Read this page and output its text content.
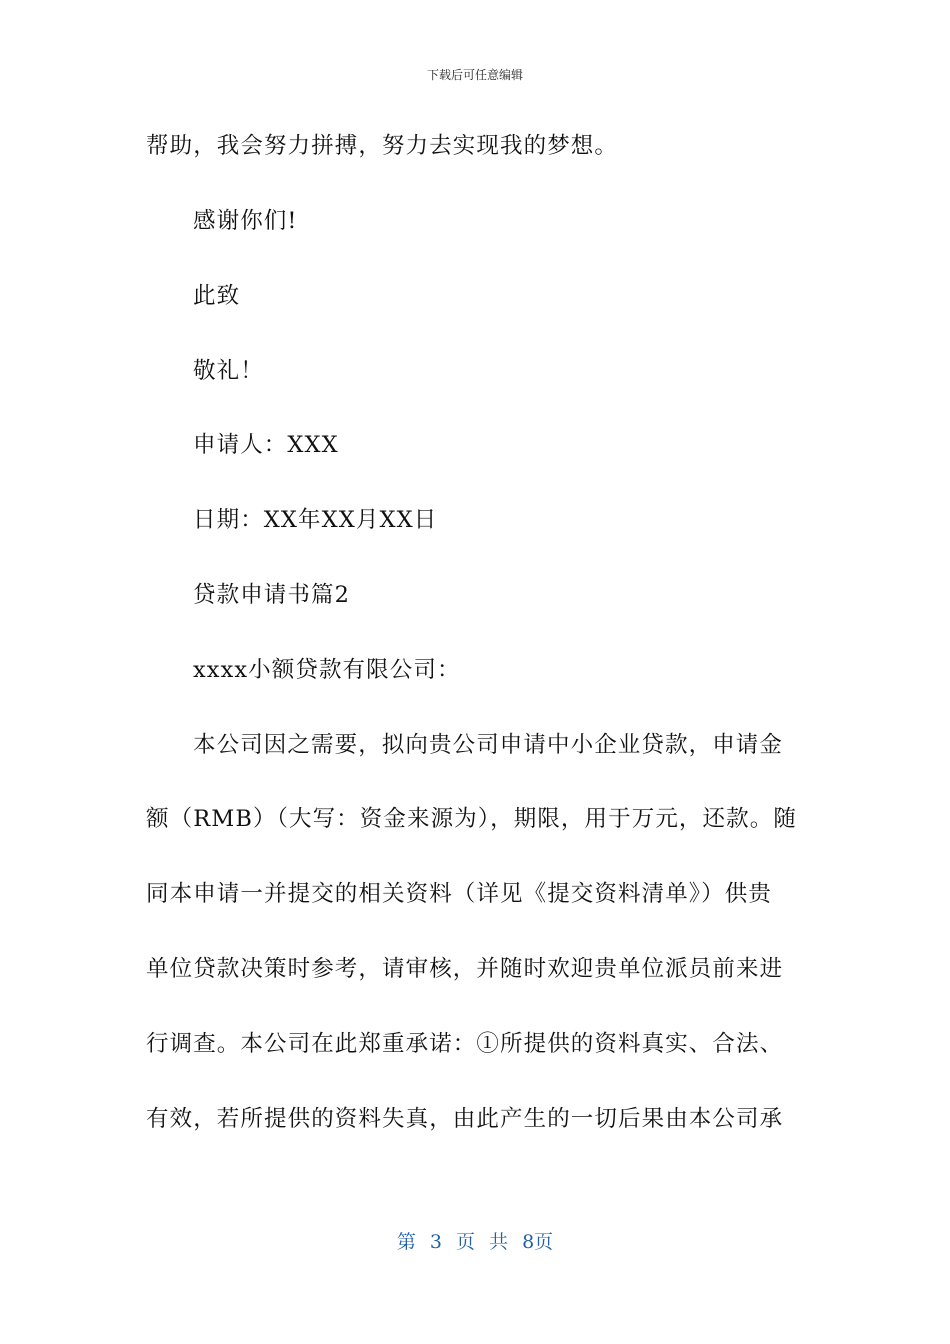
下载后可任意编辑
帮助，我会努力拼搏，努力去实现我的梦想。
感谢你们!
此致
敬礼！
申请人：XXX
日期：XX年XX月XX日
贷款申请书篇2
xxxx小额贷款有限公司：
本公司因之需要，拟向贵公司申请中小企业贷款，申请金
额（RMB）（大写：资金来源为），期限，用于万元，还款。随
同本申请一并提交的相关资料（详见《提交资料清单》）供贵
单位贷款决策时参考，请审核，并随时欢迎贵单位派员前来进
行调查。本公司在此郑重承诺：①所提供的资料真实、合法、
有效，若所提供的资料失真，由此产生的一切后果由本公司承
第 3 页 共 8页
